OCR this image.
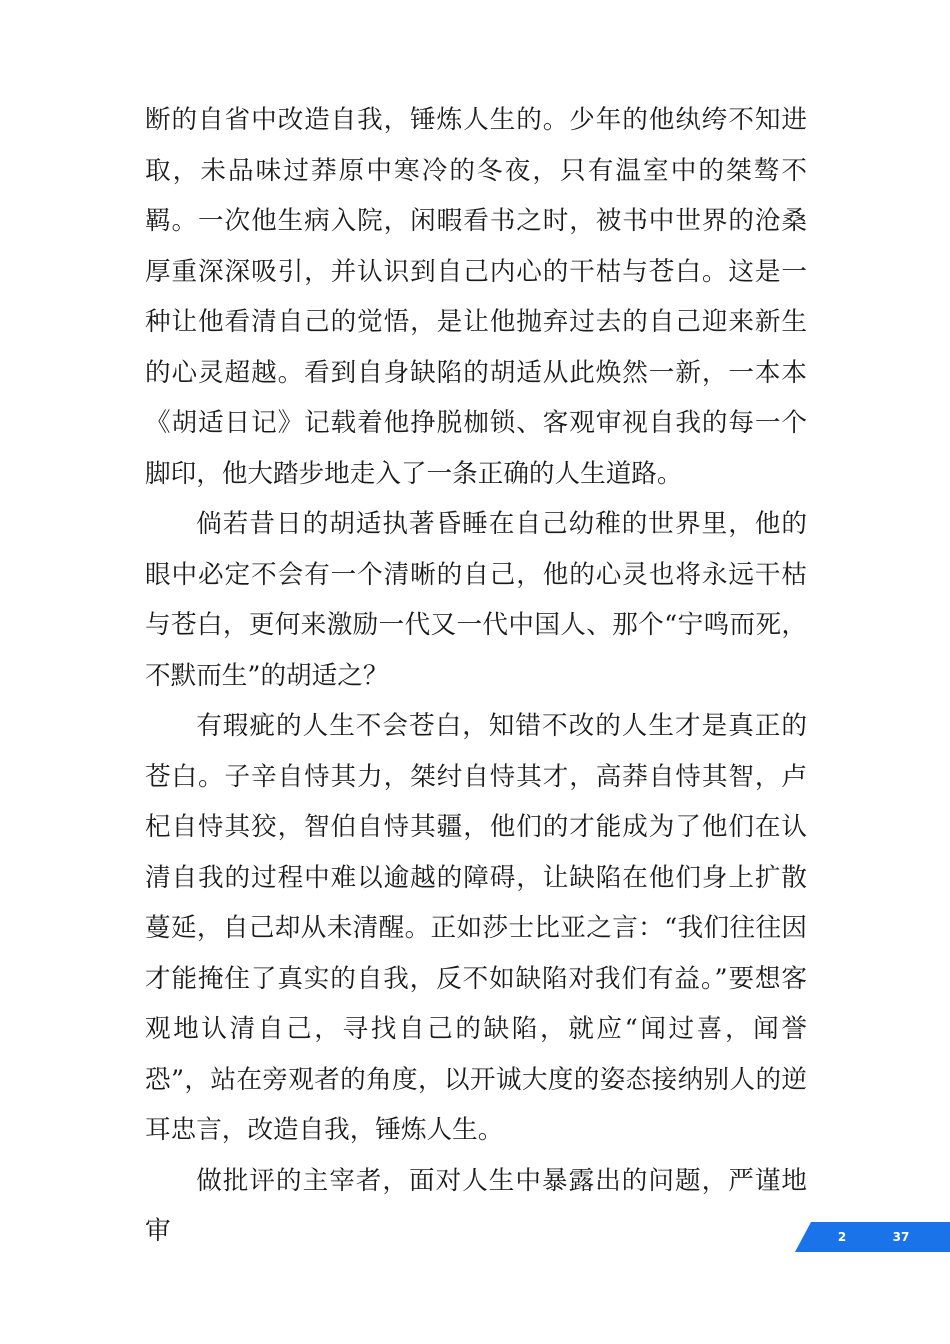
断的自省中改造自我，锤炼人生的。少年的他纨绔不知进取，未品味过莽原中寒冷的冬夜，只有温室中的桀骜不羁。一次他生病入院，闲暇看书之时，被书中世界的沧桑厚重深深吸引，并认识到自己内心的干枯与苍白。这是一种让他看清自己的觉悟，是让他抛弃过去的自己迎来新生的心灵超越。看到自身缺陷的胡适从此焕然一新，一本本《胡适日记》记载着他挣脱枷锁、客观审视自我的每一个脚印，他大踏步地走入了一条正确的人生道路。

倘若昔日的胡适执著昏睡在自己幼稚的世界里，他的眼中必定不会有一个清晰的自己，他的心灵也将永远干枯与苍白，更何来激励一代又一代中国人、那个“宁鸣而死，不默而生”的胡适之？

有瑕疵的人生不会苍白，知错不改的人生才是真正的苍白。子辛自恃其力，桀纣自恃其才，高莽自恃其智，卢杞自恃其狡，智伯自恃其疆，他们的才能成为了他们在认清自我的过程中难以逾越的障碍，让缺陷在他们身上扩散蔓延，自己却从未清醒。正如莎士比亚之言：“我们往往因才能掩住了真实的自我，反不如缺陷对我们有益。”要想客观地认清自己，寻找自己的缺陷，就应“闻过喜，闻誉恐”，站在旁观者的角度，以开诚大度的姿态接纳别人的逆耳忠言，改造自我，锤炼人生。

做批评的主宰者，面对人生中暴露出的问题，严谨地审	2	37
